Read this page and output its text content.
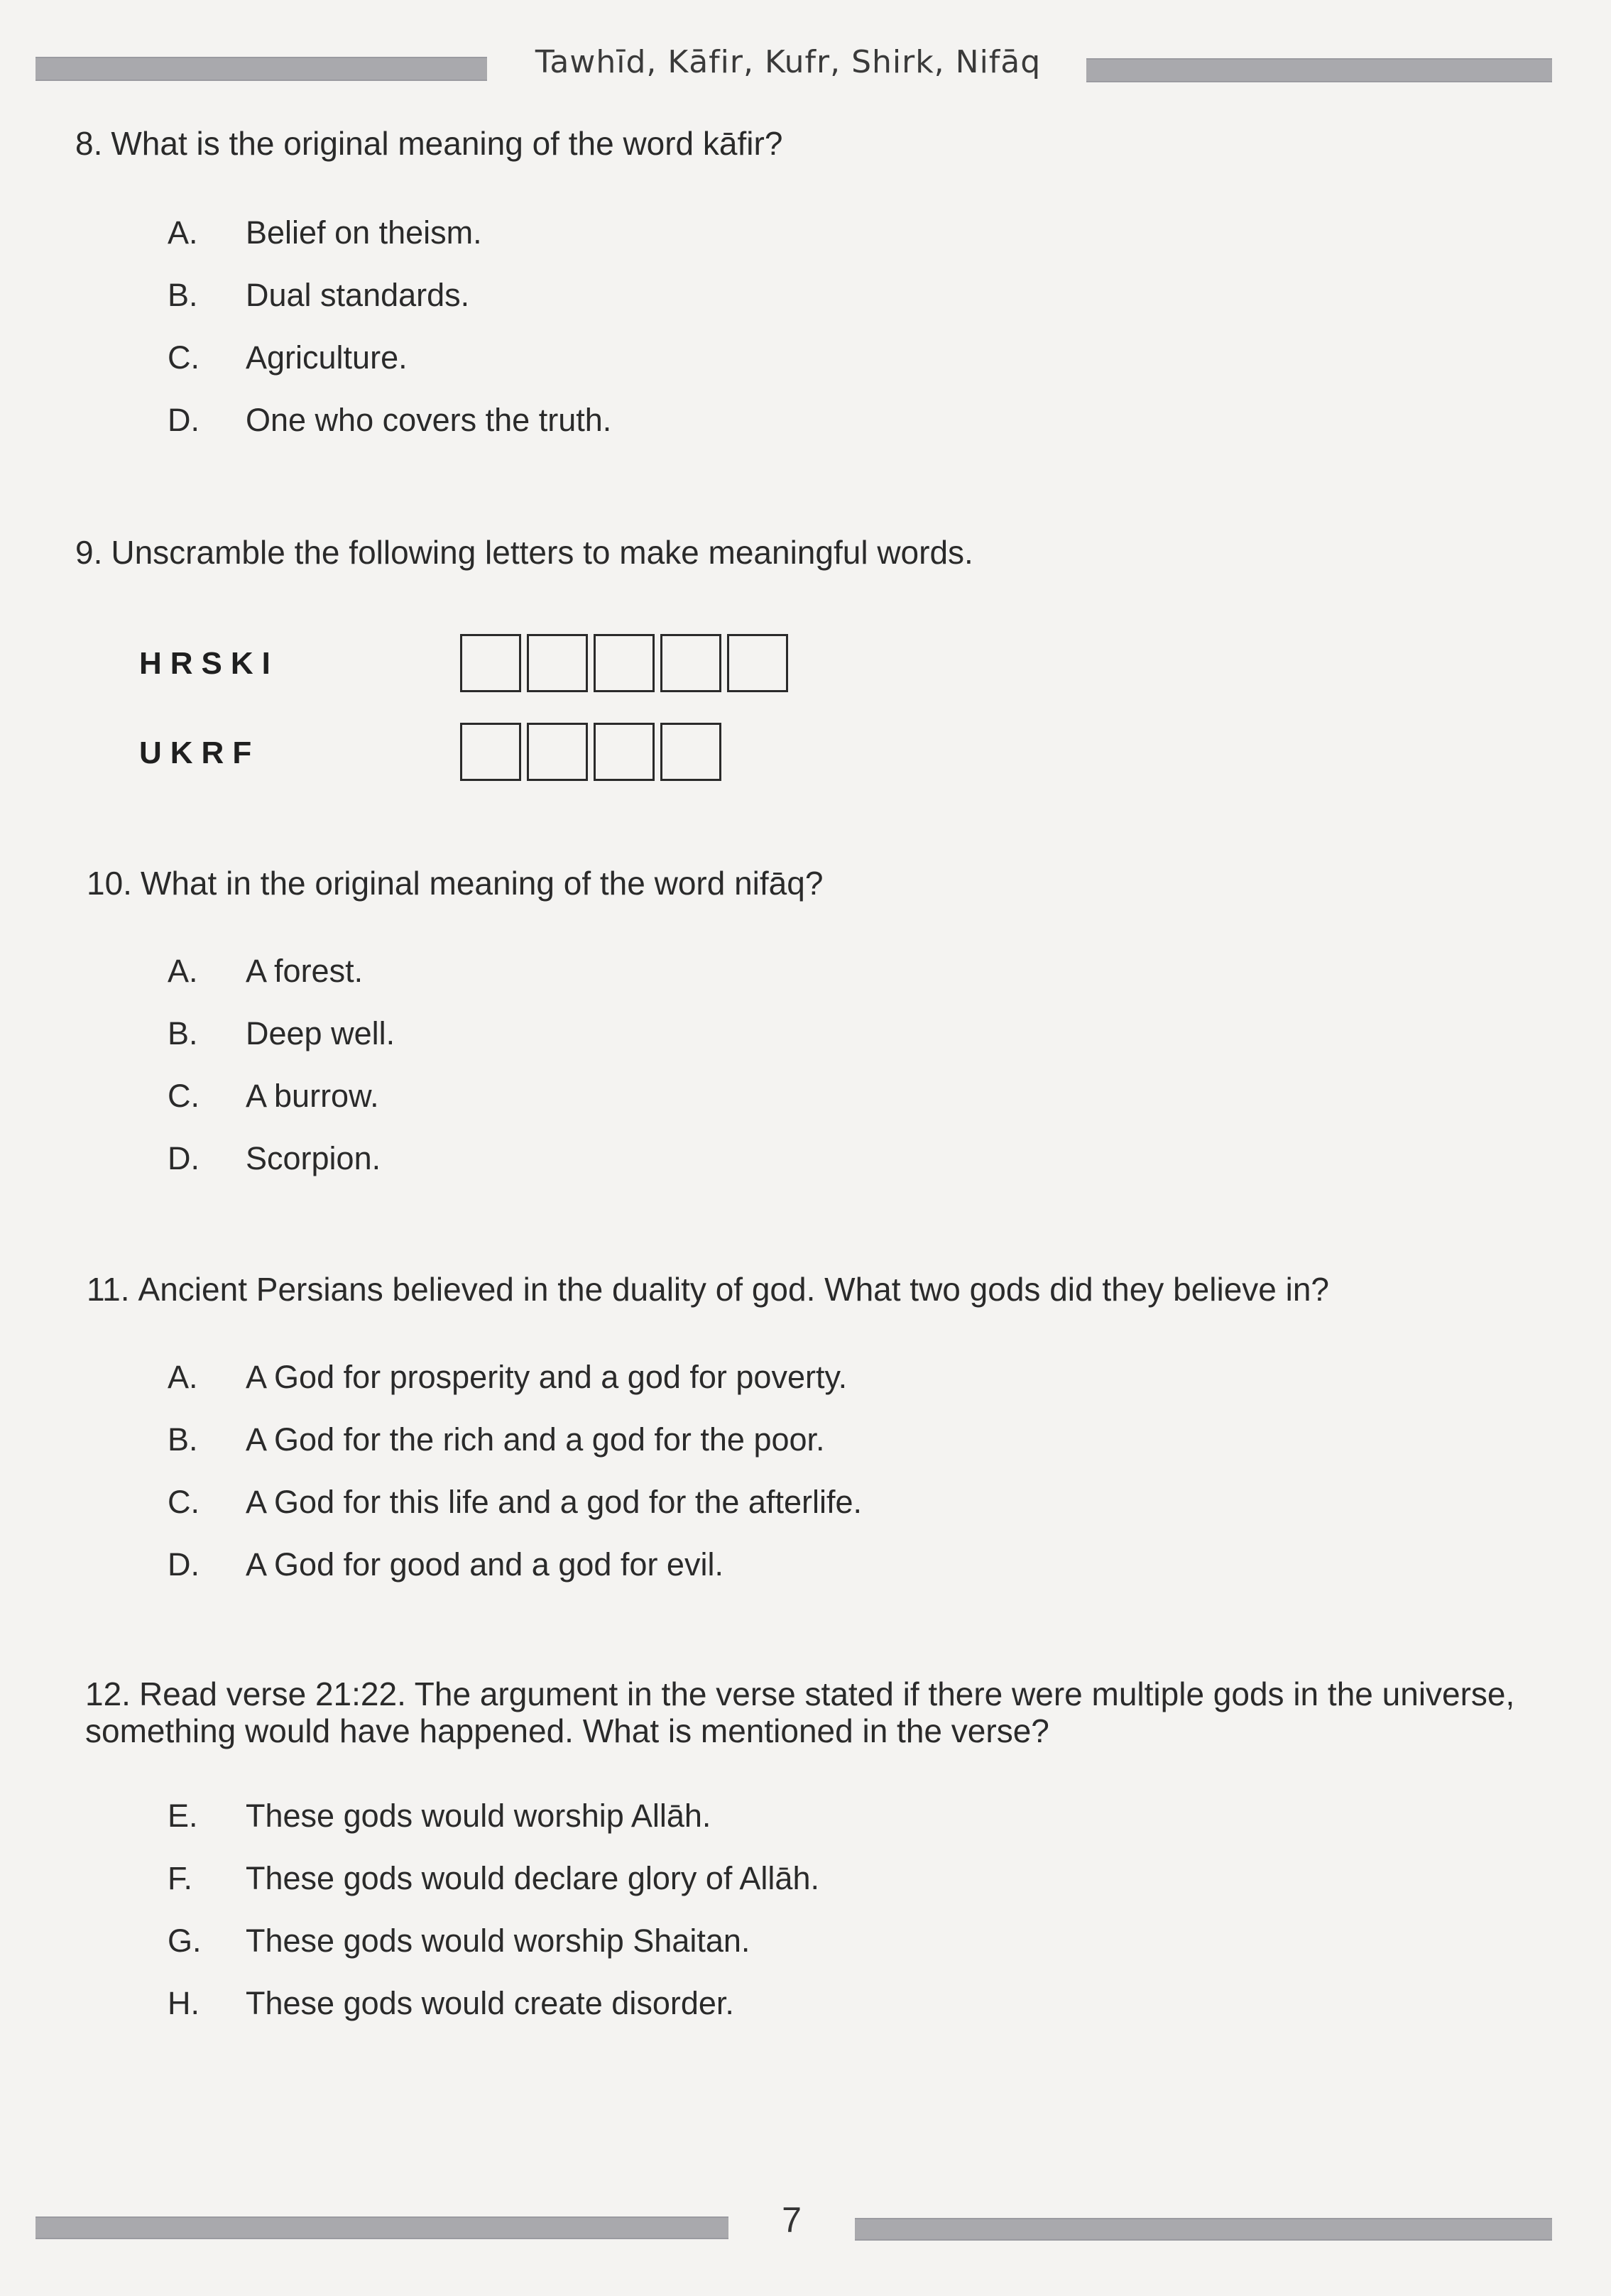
Tawhīd, Kāfir, Kufr, Shirk, Nifāq
8. What is the original meaning of the word kāfir?
A. Belief on theism.
B. Dual standards.
C. Agriculture.
D. One who covers the truth.
9. Unscramble the following letters to make meaningful words.
HRSKI
UKRF
10. What in the original meaning of the word nifāq?
A. A forest.
B. Deep well.
C. A burrow.
D. Scorpion.
11. Ancient Persians believed in the duality of god. What two gods did they believe in?
A. A God for prosperity and a god for poverty.
B. A God for the rich and a god for the poor.
C. A God for this life and a god for the afterlife.
D. A God for good and a god for evil.
12. Read verse 21:22. The argument in the verse stated if there were multiple gods in the universe,
something would have happened. What is mentioned in the verse?
E. These gods would worship Allāh.
F. These gods would declare glory of Allāh.
G. These gods would worship Shaitan.
H. These gods would create disorder.
7
